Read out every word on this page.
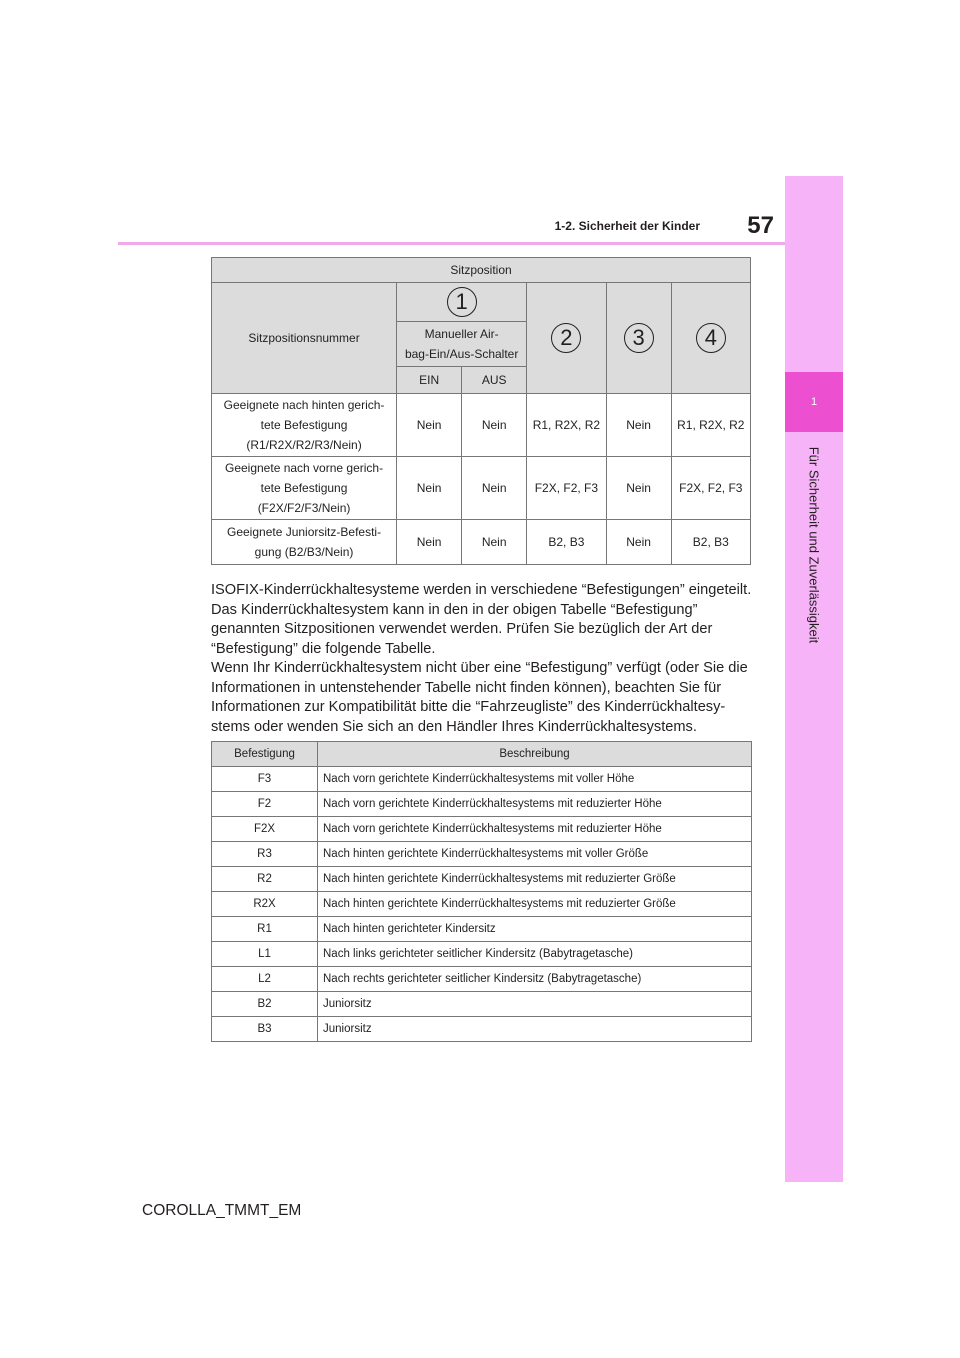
1
Für Sicherheit und Zuverlässigkeit
57
1-2. Sicherheit der Kinder
Sitzposition					
Sitzpositionsnummer	1		2	3	4

	Manueller Air-
bag-Ein/Aus-Schalter				

	EIN	AUS			

Geeignete nach hinten gerich-
tete Befestigung
(R1/R2X/R2/R3/Nein)	Nein	Nein	R1, R2X, R2	Nein	R1, R2X, R2

Geeignete nach vorne gerich-
tete Befestigung
(F2X/F2/F3/Nein)	Nein	Nein	F2X, F2, F3	Nein	F2X, F2, F3

Geeignete Juniorsitz-Befesti-
gung (B2/B3/Nein)	Nein	Nein	B2, B3	Nein	B2, B3
ISOFIX-Kinderrückhaltesysteme werden in verschiedene “Befestigungen” eingeteilt.
Das Kinderrückhaltesystem kann in den in der obigen Tabelle “Befestigung”
genannten Sitzpositionen verwendet werden. Prüfen Sie bezüglich der Art der
“Befestigung” die folgende Tabelle.
Wenn Ihr Kinderrückhaltesystem nicht über eine “Befestigung” verfügt (oder Sie die
Informationen in untenstehender Tabelle nicht finden können), beachten Sie für
Informationen zur Kompatibilität bitte die “Fahrzeugliste” des Kinderrückhaltesy-
stems oder wenden Sie sich an den Händler Ihres Kinderrückhaltesystems.
Befestigung	Beschreibung
F3	Nach vorn gerichtete Kinderrückhaltesystems mit voller Höhe
F2	Nach vorn gerichtete Kinderrückhaltesystems mit reduzierter Höhe
F2X	Nach vorn gerichtete Kinderrückhaltesystems mit reduzierter Höhe
R3	Nach hinten gerichtete Kinderrückhaltesystems mit voller Größe
R2	Nach hinten gerichtete Kinderrückhaltesystems mit reduzierter Größe
R2X	Nach hinten gerichtete Kinderrückhaltesystems mit reduzierter Größe
R1	Nach hinten gerichteter Kindersitz
L1	Nach links gerichteter seitlicher Kindersitz (Babytragetasche)
L2	Nach rechts gerichteter seitlicher Kindersitz (Babytragetasche)
B2	Juniorsitz
B3	Juniorsitz
COROLLA_TMMT_EM
